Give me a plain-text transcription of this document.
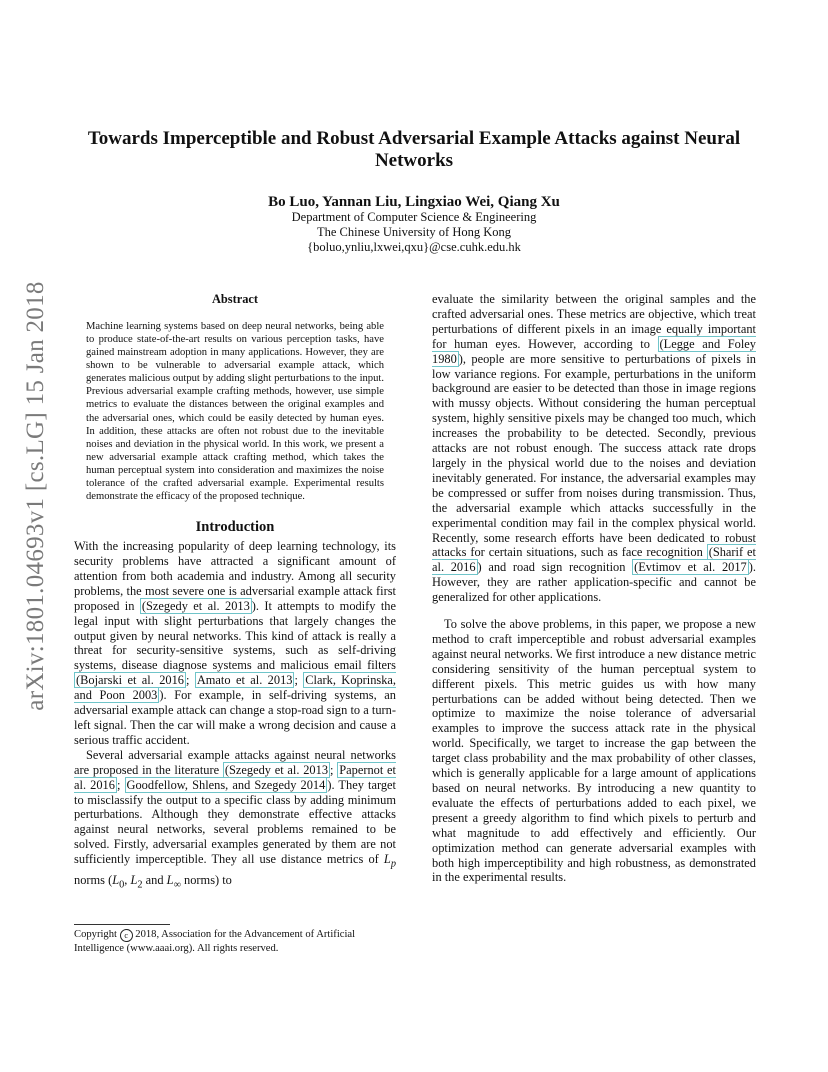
arXiv:1801.04693v1 [cs.LG] 15 Jan 2018
Towards Imperceptible and Robust Adversarial Example Attacks against Neural Networks
Bo Luo, Yannan Liu, Lingxiao Wei, Qiang Xu
Department of Computer Science & Engineering
The Chinese University of Hong Kong
{boluo,ynliu,lxwei,qxu}@cse.cuhk.edu.hk
Abstract

Machine learning systems based on deep neural networks, being able to produce state-of-the-art results on various perception tasks, have gained mainstream adoption in many applications. However, they are shown to be vulnerable to adversarial example attack, which generates malicious output by adding slight perturbations to the input. Previous adversarial example crafting methods, however, use simple metrics to evaluate the distances between the original examples and the adversarial ones, which could be easily detected by human eyes. In addition, these attacks are often not robust due to the inevitable noises and deviation in the physical world. In this work, we present a new adversarial example attack crafting method, which takes the human perceptual system into consideration and maximizes the noise tolerance of the crafted adversarial example. Experimental results demonstrate the efficacy of the proposed technique.

Introduction

With the increasing popularity of deep learning technology, its security problems have attracted a significant amount of attention from both academia and industry. Among all security problems, the most severe one is adversarial example attack first proposed in (Szegedy et al. 2013 ). It attempts to modify the legal input with slight perturbations that largely changes the output given by neural networks. This kind of attack is really a threat for security-sensitive systems, such as self-driving systems, disease diagnose systems and malicious email filters (Bojarski et al. 2016 ; Amato et al. 2013 ; Clark, Koprinska, and Poon 2003 ). For example, in self-driving systems, an adversarial example attack can change a stop-road sign to a turn-left signal. Then the car will make a wrong decision and cause a serious traffic accident.

Several adversarial example attacks against neural networks are proposed in the literature (Szegedy et al. 2013 ; Papernot et al. 2016 ; Goodfellow, Shlens, and Szegedy 2014 ). They target to misclassify the output to a specific class by adding minimum perturbations. Although they demonstrate effective attacks against neural networks, several problems remained to be solved. Firstly, adversarial examples generated by them are not sufficiently imperceptible. They all use distance metrics of $L_p$ norms ($L_0$, $L_2$ and $L_\infty$ norms) to

evaluate the similarity between the original samples and the crafted adversarial ones. These metrics are objective, which treat perturbations of different pixels in an image equally important for human eyes. However, according to (Legge and Foley 1980 ), people are more sensitive to perturbations of pixels in low variance regions. For example, perturbations in the uniform background are easier to be detected than those in image regions with mussy objects. Without considering the human perceptual system, highly sensitive pixels may be changed too much, which increases the probability to be detected. Secondly, previous attacks are not robust enough. The success attack rate drops largely in the physical world due to the noises and deviation inevitably generated. For instance, the adversarial examples may be compressed or suffer from noises during transmission. Thus, the adversarial example which attacks successfully in the experimental condition may fail in the complex physical world. Recently, some research efforts have been dedicated to robust attacks for certain situations, such as face recognition (Sharif et al. 2016 ) and road sign recognition (Evtimov et al. 2017 ). However, they are rather application-specific and cannot be generalized for other applications.

To solve the above problems, in this paper, we propose a new method to craft imperceptible and robust adversarial examples against neural networks. We first introduce a new distance metric considering sensitivity of the human perceptual system to different pixels. This metric guides us with how many perturbations can be added without being detected. Then we optimize to maximize the noise tolerance of adversarial examples to improve the success attack rate in the physical world. Specifically, we target to increase the gap between the target class probability and the max probability of other classes, which is generally applicable for a large amount of applications based on neural networks. By introducing a new quantity to evaluate the effects of perturbations added to each pixel, we present a greedy algorithm to find which pixels to perturb and what magnitude to add effectively and efficiently. Our optimization method can generate adversarial examples with both high imperceptibility and high robustness, as demonstrated in the experimental results.

Copyright c 2018, Association for the Advancement of Artificial Intelligence (www.aaai.org). All rights reserved.
